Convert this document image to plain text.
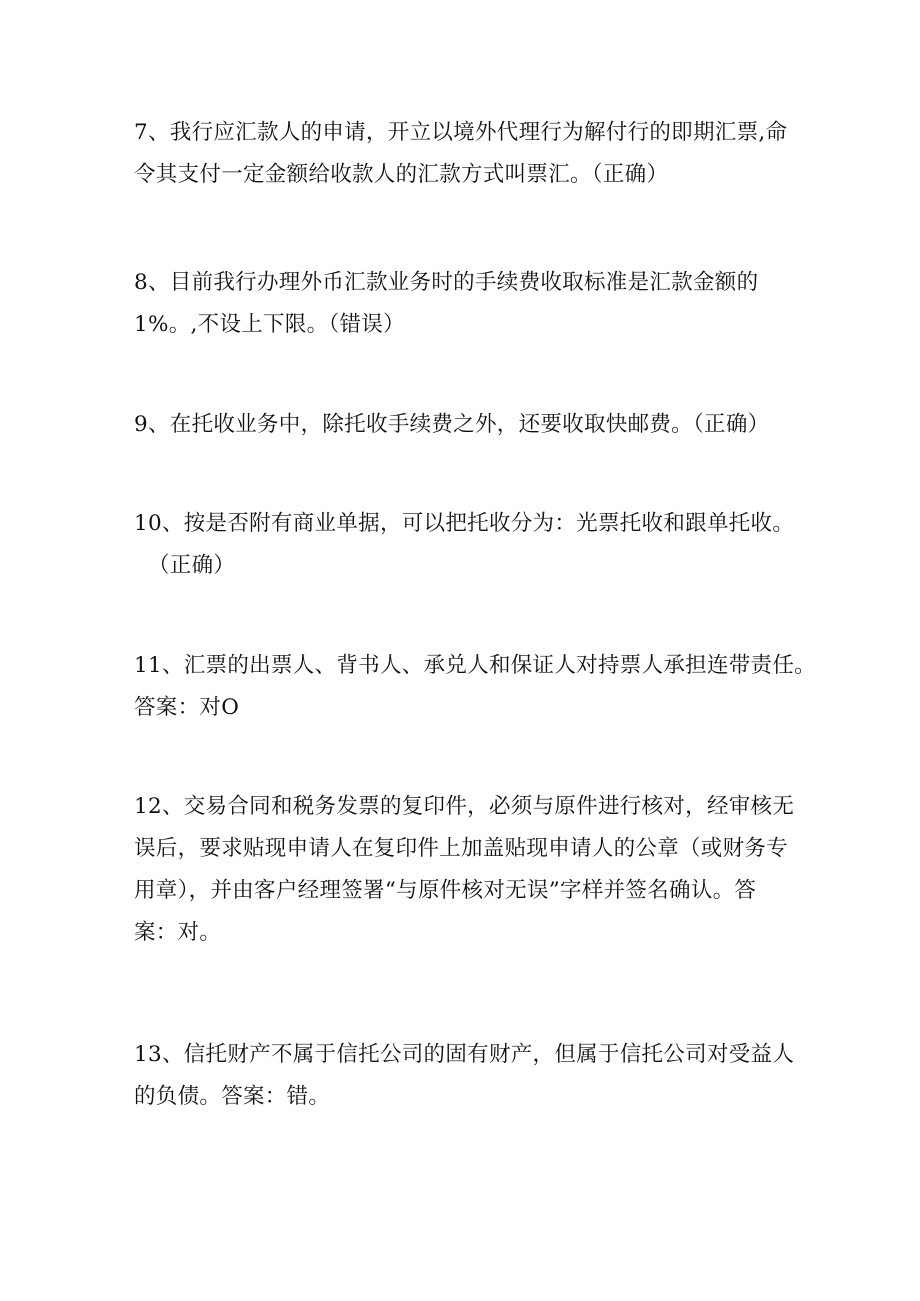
7、我行应汇款人的申请，开立以境外代理行为解付行的即期汇票,命
令其支付一定金额给收款人的汇款方式叫票汇。（正确）
8、目前我行办理外币汇款业务时的手续费收取标准是汇款金额的
1%。,不设上下限。（错误）
9、在托收业务中，除托收手续费之外，还要收取快邮费。（正确）
10、按是否附有商业单据，可以把托收分为：光票托收和跟单托收。
（正确）
11、汇票的出票人、背书人、承兑人和保证人对持票人承担连带责任。
答案：对O
12、交易合同和税务发票的复印件，必须与原件进行核对，经审核无
误后，要求贴现申请人在复印件上加盖贴现申请人的公章（或财务专
用章），并由客户经理签署“与原件核对无误”字样并签名确认。答
案：对。
13、信托财产不属于信托公司的固有财产，但属于信托公司对受益人
的负债。答案：错。
